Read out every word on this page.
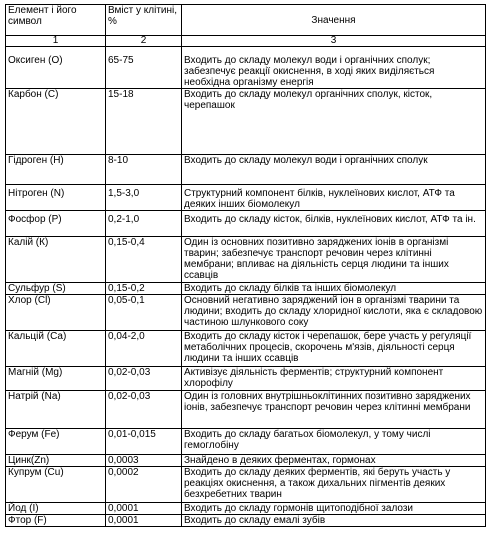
Елемент і його символ	Вміст у клітині, %	Значення
1	2	3
Оксиген (O)	65-75	Входить до складу молекул води і органічних сполук; забезпечує реакції окиснення, в ході яких виділяється необхідна організму енергія
Карбон (С)	15-18	Входить до складу молекул органічних сполук, кісток, черепашок
Гідроген (Н)	8-10	Входить до складу молекул води і органічних сполук
Нітроген (N)	1,5-3,0	Структурний компонент білків, нуклеїнових кислот, АТФ та деяких інших біомолекул
Фосфор (Р)	0,2-1,0	Входить до складу кісток, білків, нуклеїнових кислот, АТФ та ін.
Калій (К)	0,15-0,4	Один із основних позитивно заряджених іонів в організмі тварин; забезпечує транспорт речовин через клітинні мембрани; впливає на діяльність серця людини та інших ссавців
Сульфур (S)	0,15-0,2	Входить до складу білків та інших біомолекул
Хлор (Cl)	0,05-0,1	Основний негативно заряджений іон в організмі тварини та людини; входить до складу хлоридної кислоти, яка є складовою частиною шлункового соку
Кальцій (Са)	0,04-2,0	Входить до складу кісток і черепашок, бере участь у регуляції метаболічних процесів, скорочень м'язів, діяльності серця людини та інших ссавців
Магній (Mg)	0,02-0,03	Активізує діяльність ферментів; структурний компонент хлорофілу
Натрій (Na)	0,02-0,03	Один із головних внутрішньоклітинних позитивно заряджених іонів, забезпечує транспорт речовин через клітинні мембрани
Ферум (Fe)	0,01-0,015	Входить до складу багатьох біомолекул, у тому числі гемоглобіну
Цинк(Zn)	0,0003	Знайдено в деяких ферментах, гормонах
Купрум (Cu)	0,0002	Входить до складу деяких ферментів, які беруть участь у реакціях окиснення, а також дихальних пігментів деяких безхребетних тварин
Йод (І)	0,0001	Входить до складу гормонів щитоподібної залози
Фтор (F)	0,0001	Входить до складу емалі зубів
